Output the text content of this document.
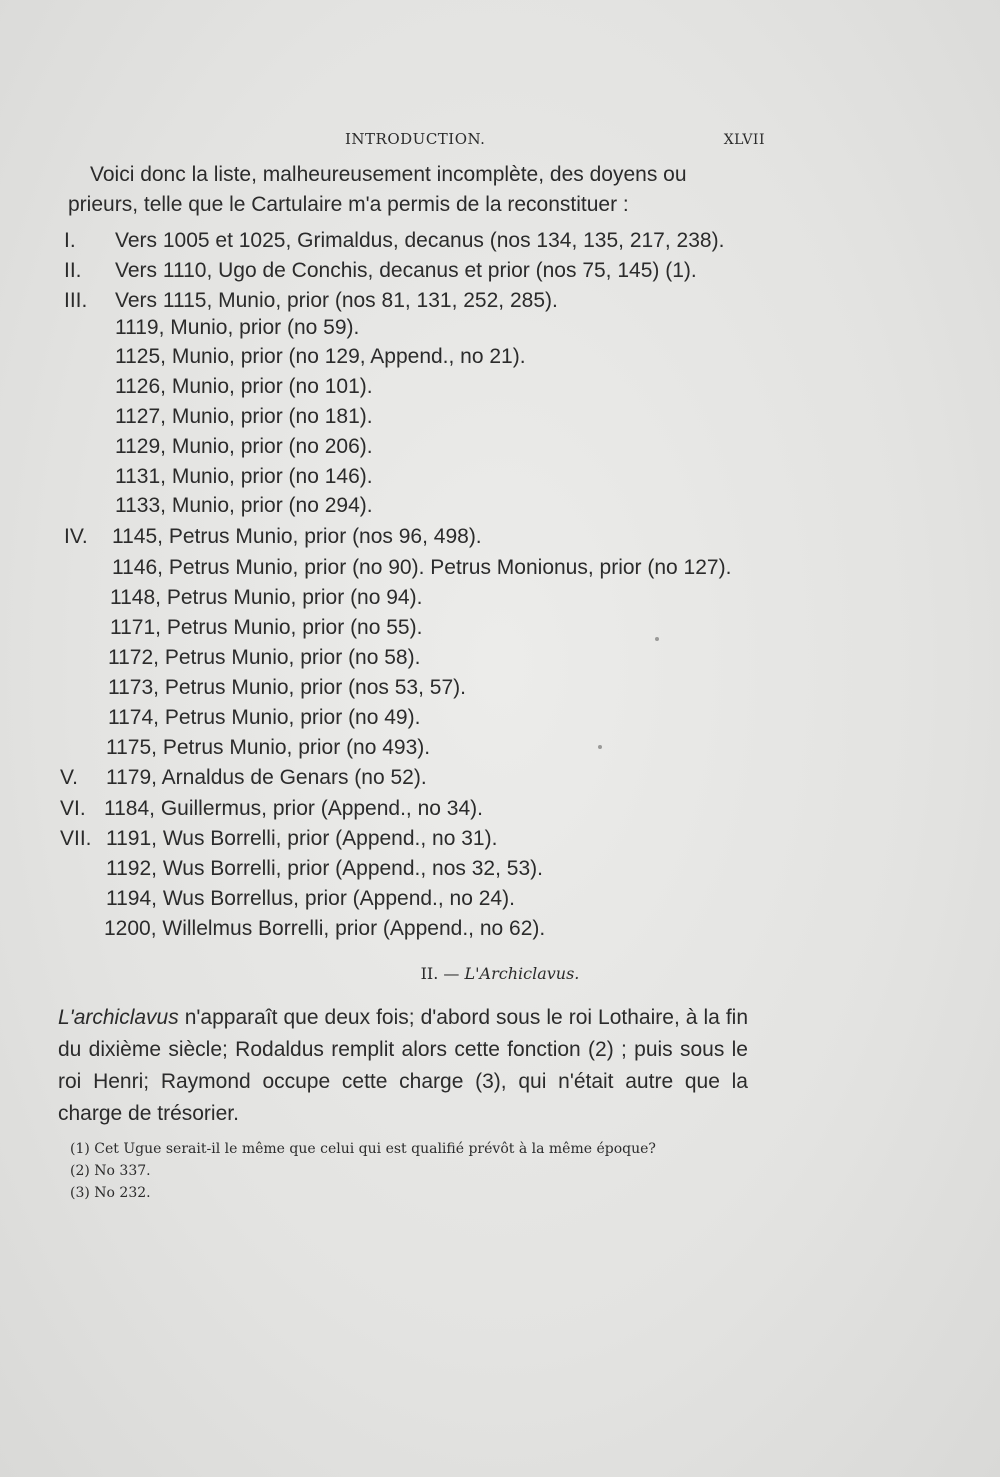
INTRODUCTION.	XLVII
Voici donc la liste, malheureusement incomplète, des doyens ou
prieurs, telle que le Cartulaire m'a permis de la reconstituer :
I. Vers 1005 et 1025, Grimaldus, decanus (nos 134, 135, 217, 238).
II. Vers 1110, Ugo de Conchis, decanus et prior (nos 75, 145) (1).
III. Vers 1115, Munio, prior (nos 81, 131, 252, 285).
1119, Munio, prior (no 59).
1125, Munio, prior (no 129, Append., no 21).
1126, Munio, prior (no 101).
1127, Munio, prior (no 181).
1129, Munio, prior (no 206).
1131, Munio, prior (no 146).
1133, Munio, prior (no 294).
IV. 1145, Petrus Munio, prior (nos 96, 498).
1146, Petrus Munio, prior (no 90). Petrus Monionus, prior (no 127).
1148, Petrus Munio, prior (no 94).
1171, Petrus Munio, prior (no 55).
1172, Petrus Munio, prior (no 58).
1173, Petrus Munio, prior (nos 53, 57).
1174, Petrus Munio, prior (no 49).
1175, Petrus Munio, prior (no 493).
V. 1179, Arnaldus de Genars (no 52).
VI. 1184, Guillermus, prior (Append., no 34).
VII. 1191, Wus Borrelli, prior (Append., no 31).
1192, Wus Borrelli, prior (Append., nos 32, 53).
1194, Wus Borrellus, prior (Append., no 24).
1200, Willelmus Borrelli, prior (Append., no 62).
II. — L'Archiclavus.
L'archiclavus n'apparaît que deux fois; d'abord sous le roi Lothaire, à la fin du dixième siècle; Rodaldus remplit alors cette fonction (2) ; puis sous le roi Henri; Raymond occupe cette charge (3), qui n'était autre que la charge de trésorier.
(1) Cet Ugue serait-il le même que celui qui est qualifié prévôt à la même époque?
(2) No 337.
(3) No 232.
